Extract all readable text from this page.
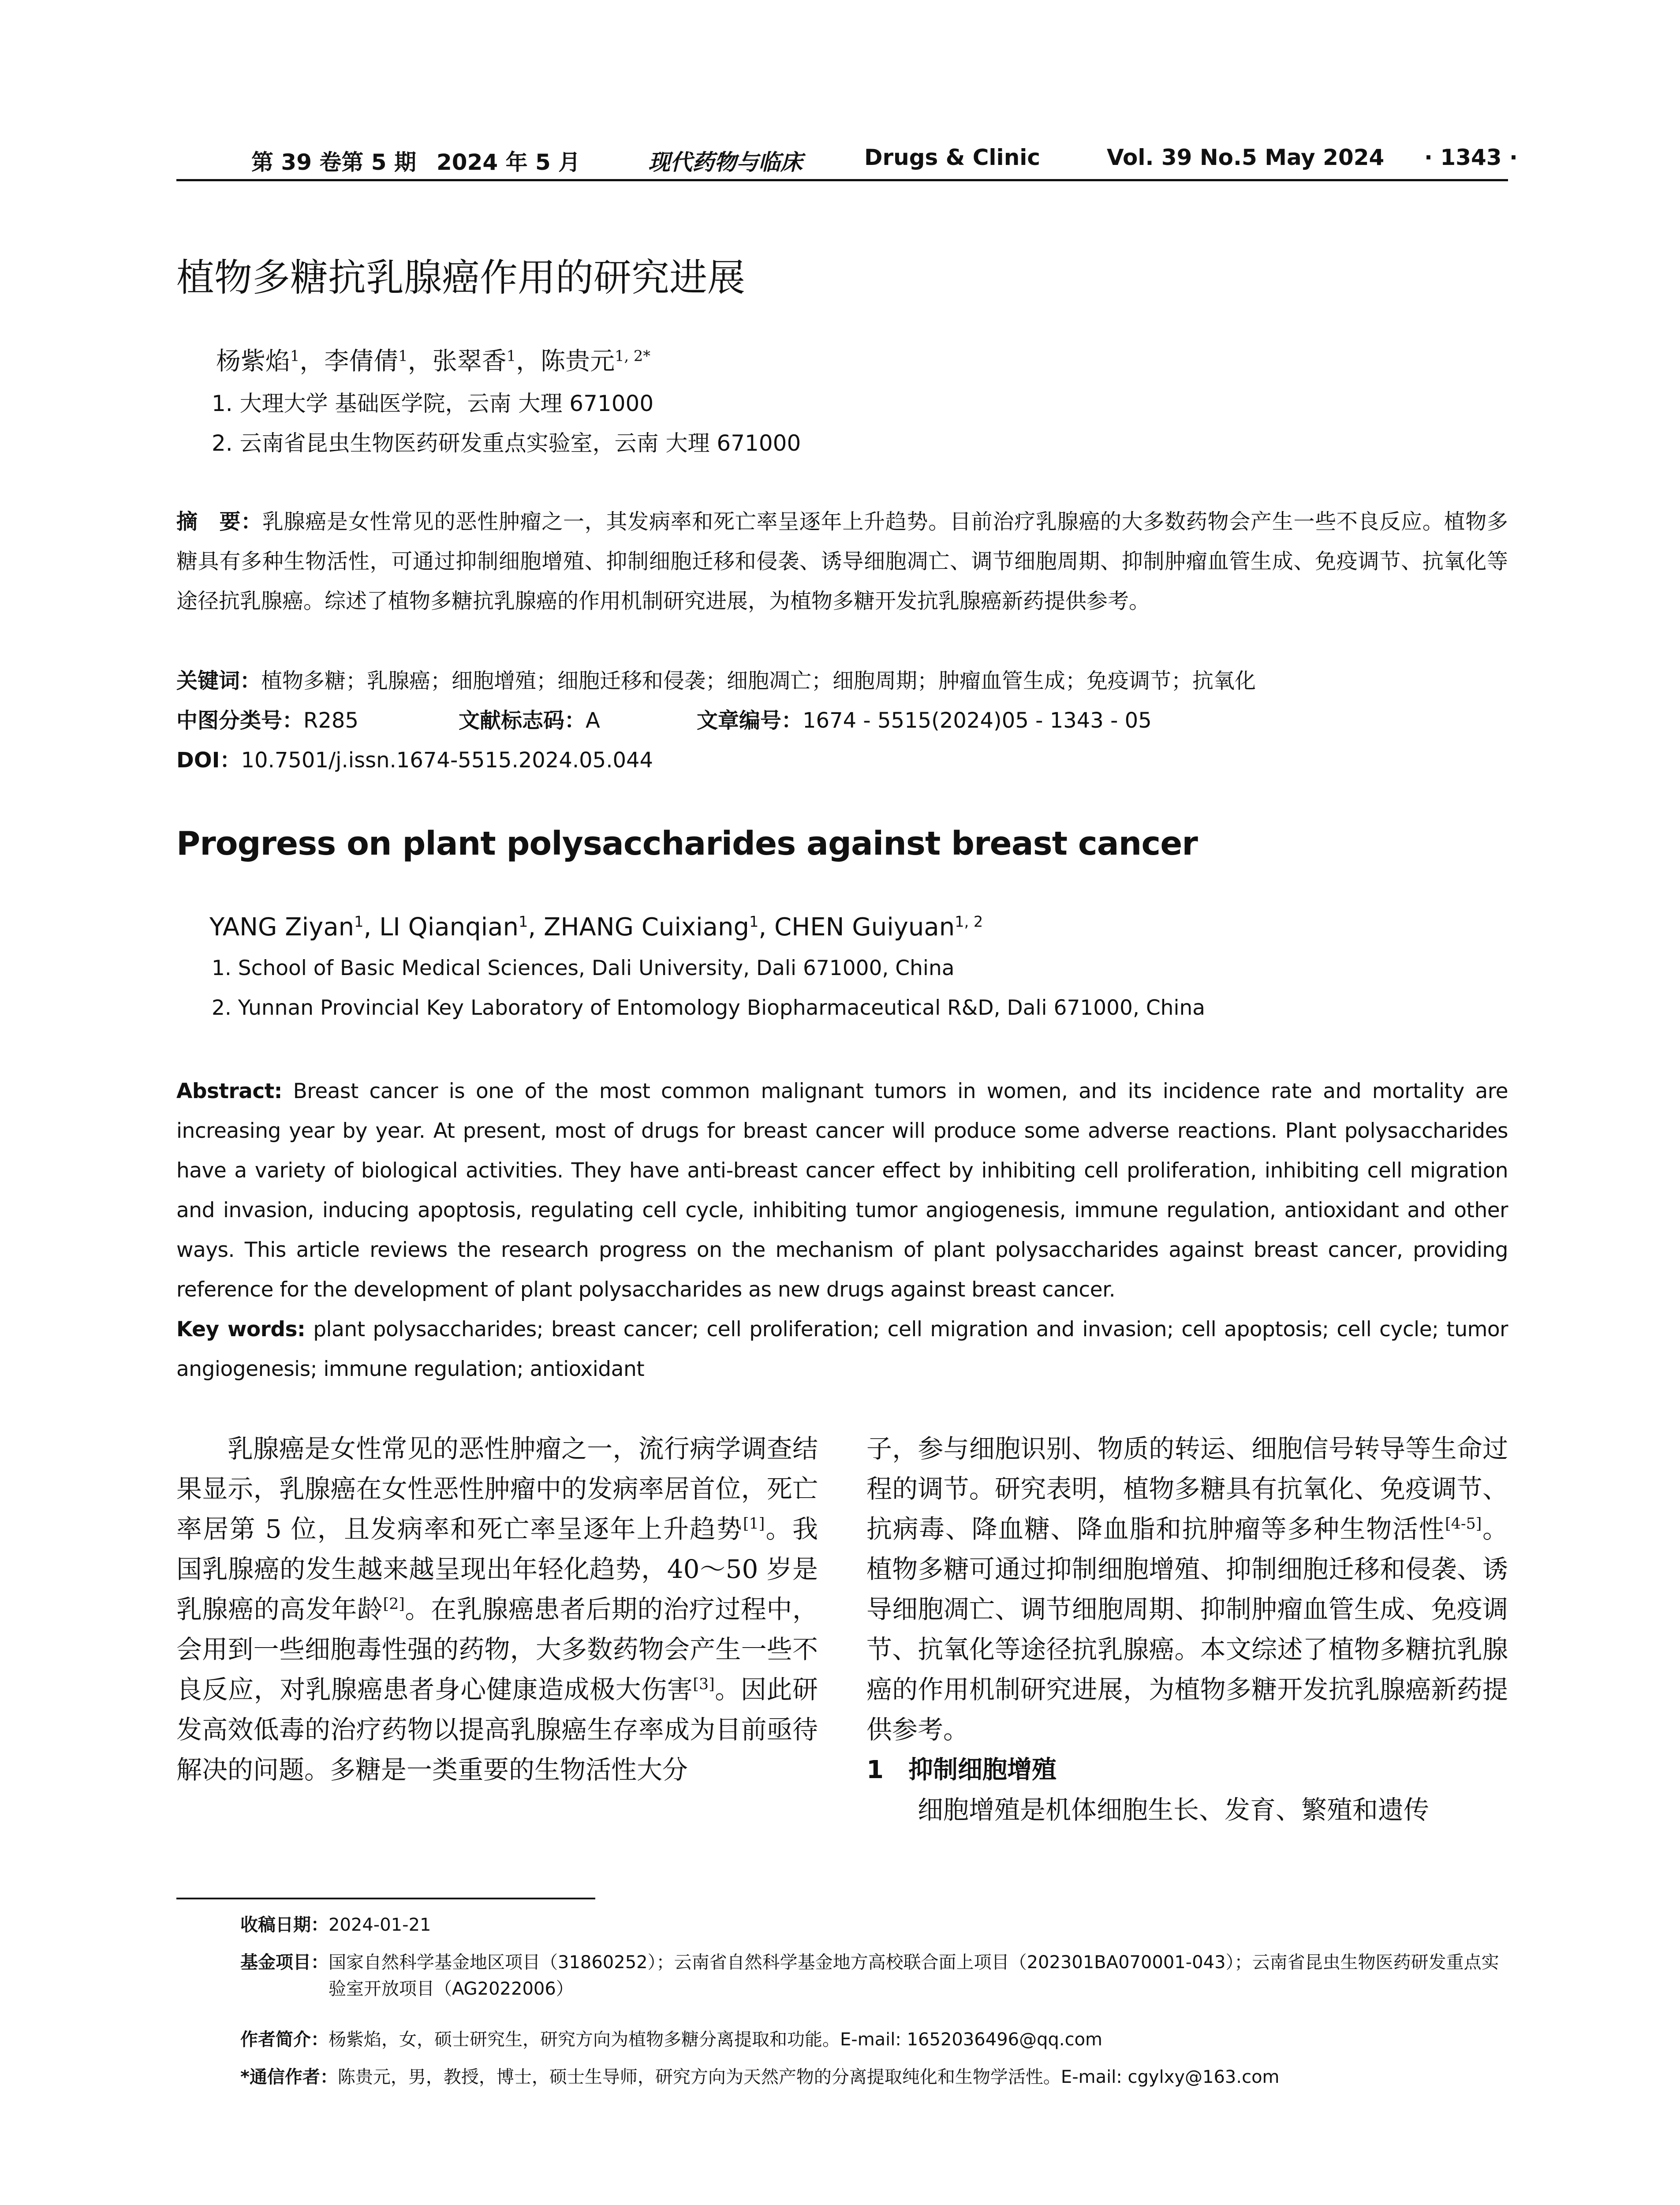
第 39 卷第 5 期 2024 年 5 月	现代药物与临床	Drugs & Clinic	Vol. 39 No.5 May 2024 · 1343 ·
植物多糖抗乳腺癌作用的研究进展
杨紫焰$^1$，李倩倩$^1$，张翠香$^1$，陈贵元$^{1, 2*}$
1. 大理大学 基础医学院，云南 大理 671000
2. 云南省昆虫生物医药研发重点实验室，云南 大理 671000
摘　要：乳腺癌是女性常见的恶性肿瘤之一，其发病率和死亡率呈逐年上升趋势。目前治疗乳腺癌的大多数药物会产生一些不良反应。植物多糖具有多种生物活性，可通过抑制细胞增殖、抑制细胞迁移和侵袭、诱导细胞凋亡、调节细胞周期、抑制肿瘤血管生成、免疫调节、抗氧化等途径抗乳腺癌。综述了植物多糖抗乳腺癌的作用机制研究进展，为植物多糖开发抗乳腺癌新药提供参考。
关键词：植物多糖；乳腺癌；细胞增殖；细胞迁移和侵袭；细胞凋亡；细胞周期；肿瘤血管生成；免疫调节；抗氧化
中图分类号：R285	文献标志码：A	文章编号：1674 - 5515(2024)05 - 1343 - 05
DOI：10.7501/j.issn.1674-5515.2024.05.044
Progress on plant polysaccharides against breast cancer
YANG Ziyan$^1$, LI Qianqian$^1$, ZHANG Cuixiang$^1$, CHEN Guiyuan$^{1, 2}$
1. School of Basic Medical Sciences, Dali University, Dali 671000, China
2. Yunnan Provincial Key Laboratory of Entomology Biopharmaceutical R&D, Dali 671000, China
Abstract: Breast cancer is one of the most common malignant tumors in women, and its incidence rate and mortality are increasing year by year. At present, most of drugs for breast cancer will produce some adverse reactions. Plant polysaccharides have a variety of biological activities. They have anti-breast cancer effect by inhibiting cell proliferation, inhibiting cell migration and invasion, inducing apoptosis, regulating cell cycle, inhibiting tumor angiogenesis, immune regulation, antioxidant and other ways. This article reviews the research progress on the mechanism of plant polysaccharides against breast cancer, providing reference for the development of plant polysaccharides as new drugs against breast cancer.
Key words: plant polysaccharides; breast cancer; cell proliferation; cell migration and invasion; cell apoptosis; cell cycle; tumor angiogenesis; immune regulation; antioxidant

乳腺癌是女性常见的恶性肿瘤之一，流行病学调查结果显示，乳腺癌在女性恶性肿瘤中的发病率居首位，死亡率居第 5 位，且发病率和死亡率呈逐年上升趋势[1]。我国乳腺癌的发生越来越呈现出年轻化趋势，40～50 岁是乳腺癌的高发年龄[2]。在乳腺癌患者后期的治疗过程中，会用到一些细胞毒性强的药物，大多数药物会产生一些不良反应，对乳腺癌患者身心健康造成极大伤害[3]。因此研发高效低毒的治疗药物以提高乳腺癌生存率成为目前亟待解决的问题。多糖是一类重要的生物活性大分

子，参与细胞识别、物质的转运、细胞信号转导等生命过程的调节。研究表明，植物多糖具有抗氧化、免疫调节、抗病毒、降血糖、降血脂和抗肿瘤等多种生物活性[4-5]。植物多糖可通过抑制细胞增殖、抑制细胞迁移和侵袭、诱导细胞凋亡、调节细胞周期、抑制肿瘤血管生成、免疫调节、抗氧化等途径抗乳腺癌。本文综述了植物多糖抗乳腺癌的作用机制研究进展，为植物多糖开发抗乳腺癌新药提供参考。

1　抑制细胞增殖

细胞增殖是机体细胞生长、发育、繁殖和遗传

收稿日期：2024-01-21
基金项目： 国家自然科学基金地区项目（31860252）；云南省自然科学基金地方高校联合面上项目（202301BA070001-043）；云南省昆虫生物医药研发重点实验室开放项目（AG2022006）
作者简介：杨紫焰，女，硕士研究生，研究方向为植物多糖分离提取和功能。E-mail: 1652036496@qq.com
*通信作者：陈贵元，男，教授，博士，硕士生导师，研究方向为天然产物的分离提取纯化和生物学活性。E-mail: cgylxy@163.com
